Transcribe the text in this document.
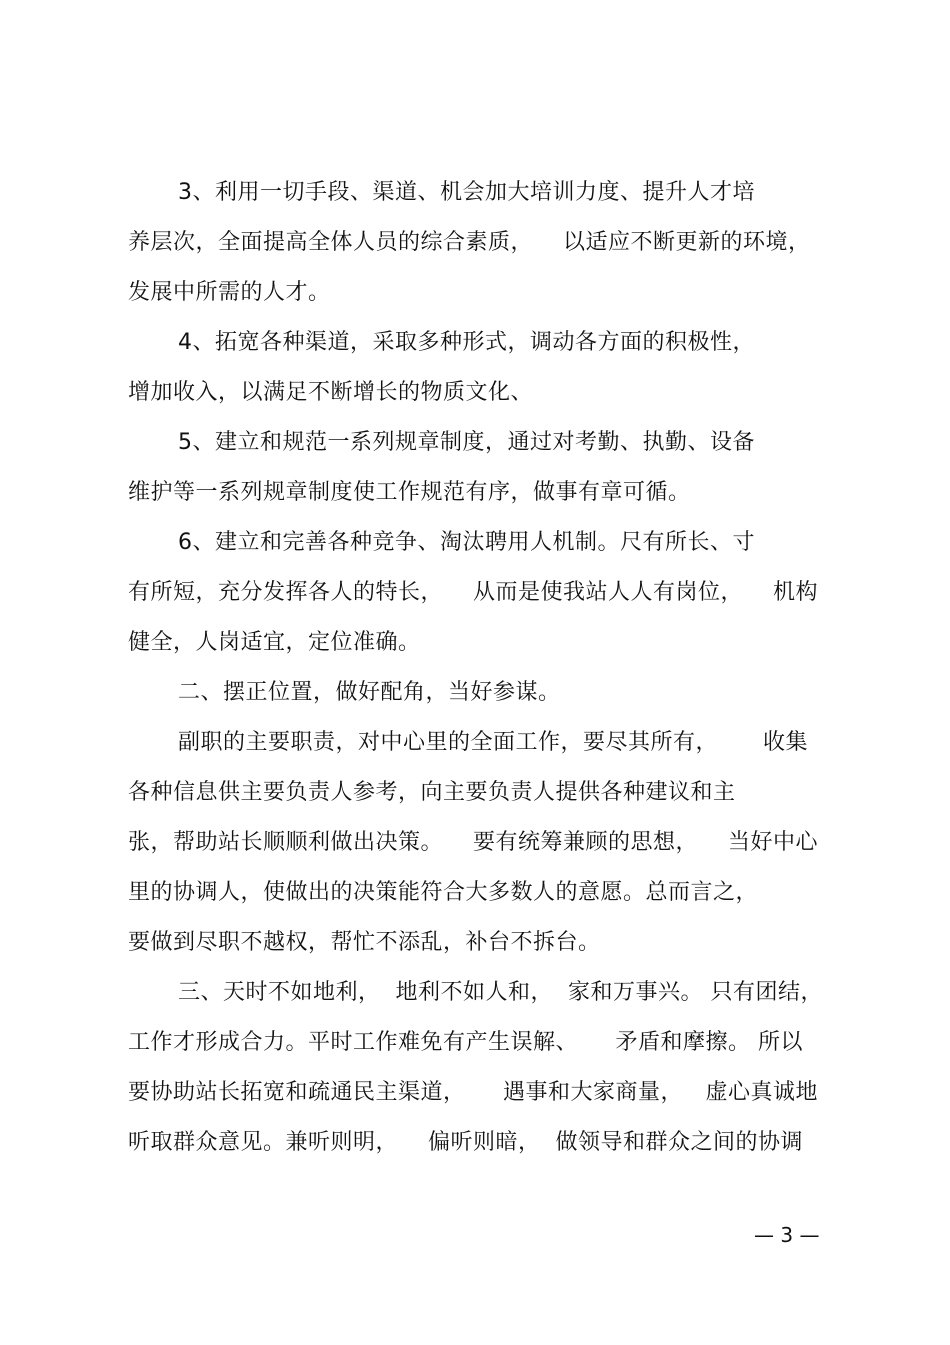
3、利用一切手段、渠道、机会加大培训力度、提升人才培
养层次，全面提高全体人员的综合素质，    以适应不断更新的环境，
发展中所需的人才。
4、拓宽各种渠道，采取多种形式，调动各方面的积极性，
增加收入，以满足不断增长的物质文化、
5、建立和规范一系列规章制度，通过对考勤、执勤、设备
维护等一系列规章制度使工作规范有序，做事有章可循。
6、建立和完善各种竞争、淘汰聘用人机制。尺有所长、寸
有所短，充分发挥各人的特长，    从而是使我站人人有岗位，    机构
健全，人岗适宜，定位准确。
二、摆正位置，做好配角，当好参谋。
副职的主要职责，对中心里的全面工作，要尽其所有，      收集
各种信息供主要负责人参考，向主要负责人提供各种建议和主
张，帮助站长顺顺利做出决策。    要有统筹兼顾的思想，    当好中心
里的协调人，使做出的决策能符合大多数人的意愿。总而言之，
要做到尽职不越权，帮忙不添乱，补台不拆台。
三、天时不如地利，  地利不如人和，  家和万事兴。 只有团结，
工作才形成合力。平时工作难免有产生误解、     矛盾和摩擦。 所以
要协助站长拓宽和疏通民主渠道，     遇事和大家商量，   虚心真诚地
听取群众意见。兼听则明，    偏听则暗，  做领导和群众之间的协调
— 3 —
